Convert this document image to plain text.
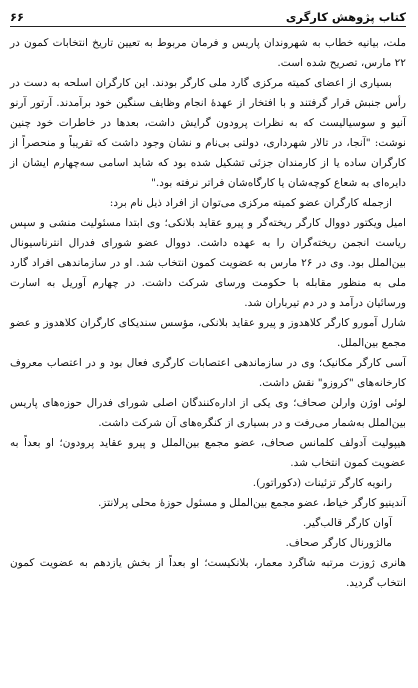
کتاب پژوهش کارگری
۶۶

ملت، بیانیه خطاب به شهروندان پاریس و فرمان مربوط به تعیین تاریخ انتخابات کمون در ۲۲ مارس، تصریح شده است.

بسیاری از اعضای کمیته مرکزی گارد ملی کارگر بودند. این کارگران اسلحه به دست در رأس جنبش قرار گرفتند و با افتخار از عهدهٔ انجام وظایف سنگین خود برآمدند. آرتور آرنو آنیو و سوسیالیست که به نظرات پرودون گرایش داشت، بعدها در خاطرات خود چنین نوشت: "آنجا، در تالار شهرداری، دولتی بی‌نام و نشان وجود داشت که تقریباً و منحصراً از کارگران ساده یا از کارمندان جزئی تشکیل شده بود که شاید اسامی سه‌چهارم ایشان از دایره‌ای به شعاع کوچه‌شان یا کارگاه‌شان فراتر نرفته بود."

ازجمله کارگران عضو کمیته مرکزی می‌توان از افراد ذیل نام برد:

امیل ویکتور دووال کارگر ریخته‌گر و پیرو عقاید بلانکی؛ وی ابتدا مسئولیت منشی و سپس ریاست انجمن ریخته‌گران را به عهده داشت. دووال عضو شورای فدرال انترناسیونال بین‌الملل بود. وی در ۲۶ مارس به عضویت کمون انتخاب شد. او در سازماندهی افراد گارد ملی به منظور مقابله با حکومت ورسای شرکت داشت. در چهارم آوریل به اسارت ورسائیان درآمد و در دم تیرباران شد.

شارل آمورو کارگر کلاهدوز و پیرو عقاید بلانکی، مؤسس سندیکای کارگران کلاهدوز و عضو مجمع بین‌الملل.

آسی کارگر مکانیک؛ وی در سازماندهی اعتصابات کارگری فعال بود و در اعتصاب معروف کارخانه‌های "کروزو" نقش داشت.

لوئی اوژن وارلن صحاف؛ وی یکی از اداره‌کنندگان اصلی شورای فدرال حوزه‌های پاریس بین‌الملل به‌شمار می‌رفت و در بسیاری از کنگره‌های آن شرکت داشت.

هیپولیت آدولف کلمانس صحاف، عضو مجمع بین‌الملل و پیرو عقاید پرودون؛ او بعداً به عضویت کمون انتخاب شد.

رانویه کارگر تزئینات (دکوراتور).

آندینیو کارگر خیاط، عضو مجمع بین‌الملل و مسئول حوزهٔ محلی پرلانتز.

آوان کارگر قالب‌گیر.

مالژورنال کارگر صحاف.

هانری ژوزت مرتبه شاگرد معمار، بلانکیست؛ او بعداً از بخش یازدهم به عضویت کمون انتخاب گردید.
